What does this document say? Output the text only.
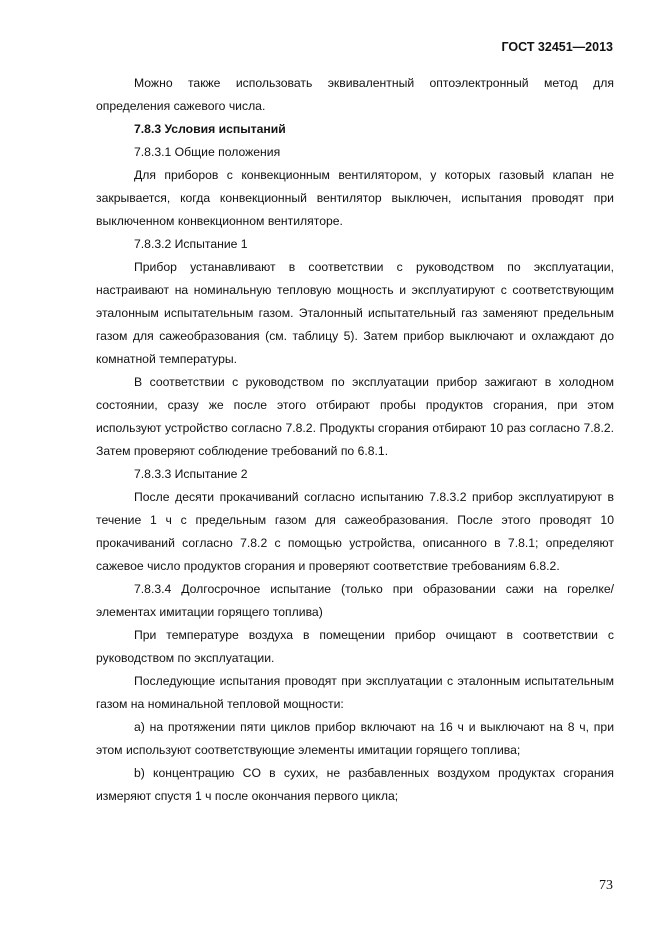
ГОСТ 32451—2013

Можно также использовать эквивалентный оптоэлектронный метод для определения сажевого числа.

7.8.3 Условия испытаний

7.8.3.1 Общие положения

Для приборов с конвекционным вентилятором, у которых газовый клапан не закрывается, когда конвекционный вентилятор выключен, испытания проводят при выключенном конвекционном вентиляторе.

7.8.3.2 Испытание 1

Прибор устанавливают в соответствии с руководством по эксплуатации, настраивают на номинальную тепловую мощность и эксплуатируют с соответствующим эталонным испытательным газом. Эталонный испытательный газ заменяют предельным газом для сажеобразования (см. таблицу 5). Затем прибор выключают и охлаждают до комнатной температуры.

В соответствии с руководством по эксплуатации прибор зажигают в холодном состоянии, сразу же после этого отбирают пробы продуктов сгорания, при этом используют устройство согласно 7.8.2. Продукты сгорания отбирают 10 раз согласно 7.8.2. Затем проверяют соблюдение требований по 6.8.1.

7.8.3.3 Испытание 2

После десяти прокачиваний согласно испытанию 7.8.3.2 прибор эксплуатируют в течение 1 ч с предельным газом для сажеобразования. После этого проводят 10 прокачиваний согласно 7.8.2 с помощью устройства, описанного в 7.8.1; определяют сажевое число продуктов сгорания и проверяют соответствие требованиям 6.8.2.

7.8.3.4 Долгосрочное испытание (только при образовании сажи на горелке/элементах имитации горящего топлива)

При температуре воздуха в помещении прибор очищают в соответствии с руководством по эксплуатации.

Последующие испытания проводят при эксплуатации с эталонным испытательным газом на номинальной тепловой мощности:

а) на протяжении пяти циклов прибор включают на 16 ч и выключают на 8 ч, при этом используют соответствующие элементы имитации горящего топлива;

b) концентрацию CO в сухих, не разбавленных воздухом продуктах сгорания измеряют спустя 1 ч после окончания первого цикла;

73
